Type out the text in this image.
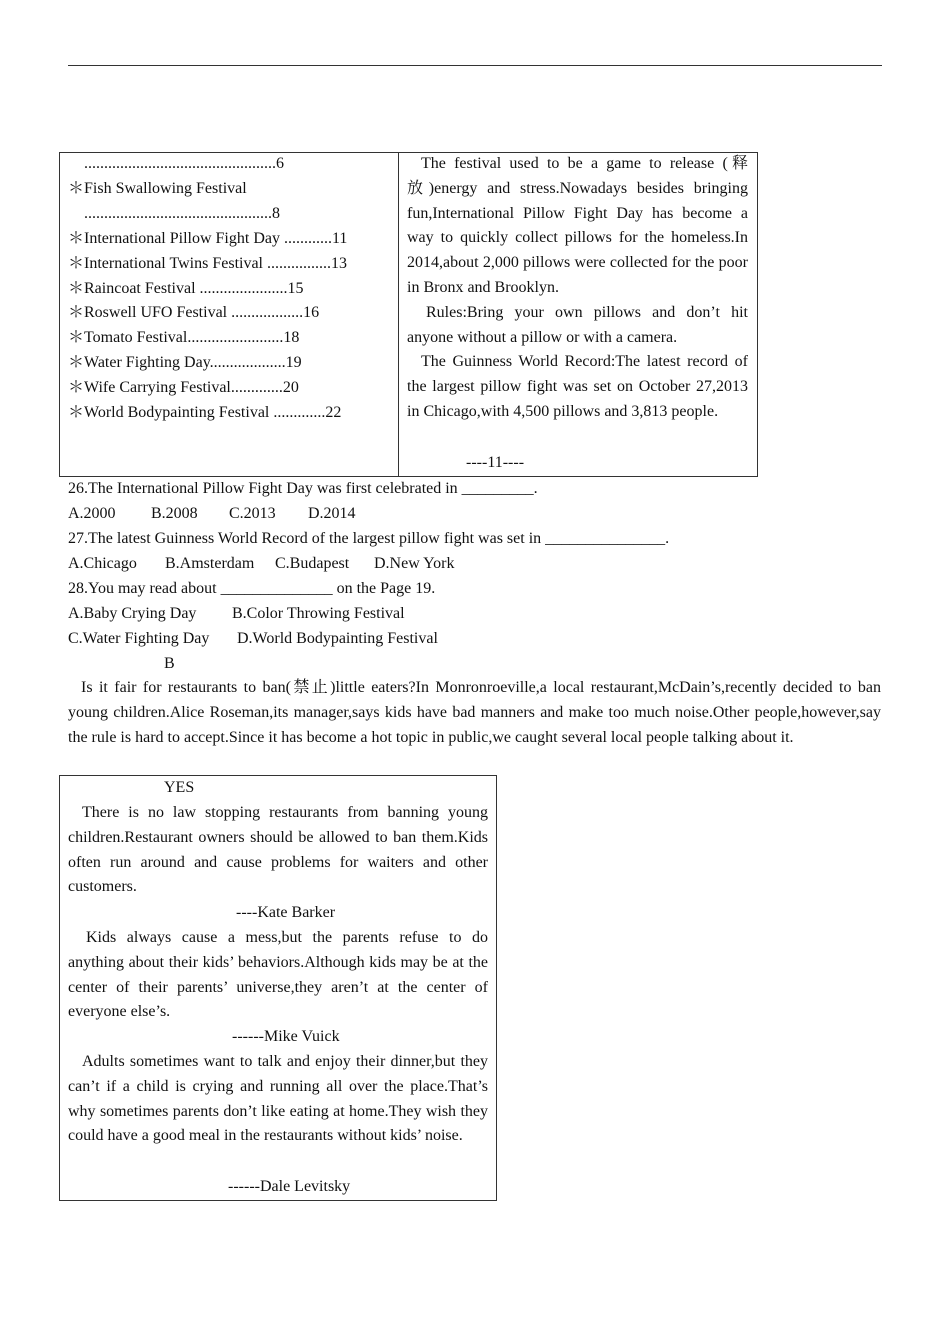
................................................6
＊Fish Swallowing Festival
...............................................8
＊International Pillow Fight Day ............11
＊International Twins Festival ................13
＊Raincoat Festival ......................15
＊Roswell UFO Festival ..................16
＊Tomato Festival........................18
＊Water Fighting Day...................19
＊Wife Carrying Festival.............20
＊World Bodypainting Festival .............22

The festival used to be a game to release (释放)energy and stress.Nowadays besides bringing fun,International Pillow Fight Day has become a way to quickly collect pillows for the homeless.In 2014,about 2,000 pillows were collected for the poor in Bronx and Brooklyn.

Rules:Bring your own pillows and don’t hit anyone without a pillow or with a camera.

The Guinness World Record:The latest record of the largest pillow fight was set on October 27,2013 in Chicago,with 4,500 pillows and 3,813 people.

----11----
26.The International Pillow Fight Day was first celebrated in _________.
A.2000 B.2008 C.2013 D.2014
27.The latest Guinness World Record of the largest pillow fight was set in _______________.
A.Chicago B.Amsterdam C.Budapest D.New York
28.You may read about ______________ on the Page 19.
A.Baby Crying Day B.Color Throwing Festival
C.Water Fighting Day D.World Bodypainting Festival
B
Is it fair for restaurants to ban(禁止)little eaters?In Monronroeville,a local restaurant,McDain’s,recently decided to ban young children.Alice Roseman,its manager,says kids have bad manners and make too much noise.Other people,however,say the rule is hard to accept.Since it has become a hot topic in public,we caught several local people talking about it.
YES
There is no law stopping restaurants from banning young children.Restaurant owners should be allowed to ban them.Kids often run around and cause problems for waiters and other customers.
----Kate Barker
Kids always cause a mess,but the parents refuse to do anything about their kids’ behaviors.Although kids may be at the center of their parents’ universe,they aren’t at the center of everyone else’s.
------Mike Vuick
Adults sometimes want to talk and enjoy their dinner,but they can’t if a child is crying and running all over the place.That’s why sometimes parents don’t like eating at home.They wish they could have a good meal in the restaurants without kids’ noise.
------Dale Levitsky
